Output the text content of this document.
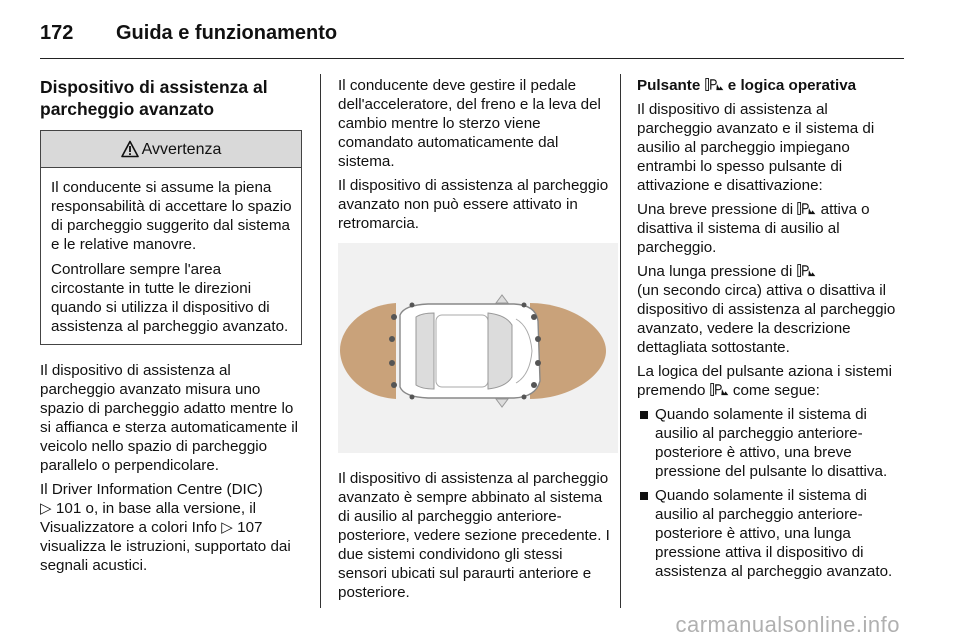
172	Guida e funzionamento
Dispositivo di assistenza al parcheggio avanzato
Avvertenza

Il conducente si assume la piena responsabilità di accettare lo spazio di parcheggio suggerito dal sistema e le relative manovre.

Controllare sempre l'area circostante in tutte le direzioni quando si utilizza il dispositivo di assistenza al parcheggio avanzato.

Il dispositivo di assistenza al parcheggio avanzato misura uno spazio di parcheggio adatto mentre lo si affianca e sterza automaticamente il veicolo nello spazio di parcheggio parallelo o perpendicolare.

Il Driver Information Centre (DIC)
▷ 101 o, in base alla versione, il Visualizzatore a colori Info ▷ 107 visualizza le istruzioni, supportato dai segnali acustici.

Il conducente deve gestire il pedale dell'acceleratore, del freno e la leva del cambio mentre lo sterzo viene comandato automaticamente dal sistema.

Il dispositivo di assistenza al parcheggio avanzato non può essere attivato in retromarcia.

Il dispositivo di assistenza al parcheggio avanzato è sempre abbinato al sistema di ausilio al parcheggio anteriore-posteriore, vedere sezione precedente. I due sistemi condividono gli stessi sensori ubicati sul paraurti anteriore e posteriore.

Pulsante e logica operativa

Il dispositivo di assistenza al parcheggio avanzato e il sistema di ausilio al parcheggio impiegano entrambi lo spesso pulsante di attivazione e disattivazione:

Una breve pressione di attiva o disattiva il sistema di ausilio al parcheggio.

Una lunga pressione di
(un secondo circa) attiva o disattiva il dispositivo di assistenza al parcheggio avanzato, vedere la descrizione dettagliata sottostante.

La logica del pulsante aziona i sistemi premendo come segue:

Quando solamente il sistema di ausilio al parcheggio anteriore-posteriore è attivo, una breve pressione del pulsante lo disattiva.
Quando solamente il sistema di ausilio al parcheggio anteriore-posteriore è attivo, una lunga pressione attiva il dispositivo di assistenza al parcheggio avanzato.
carmanualsonline.info
